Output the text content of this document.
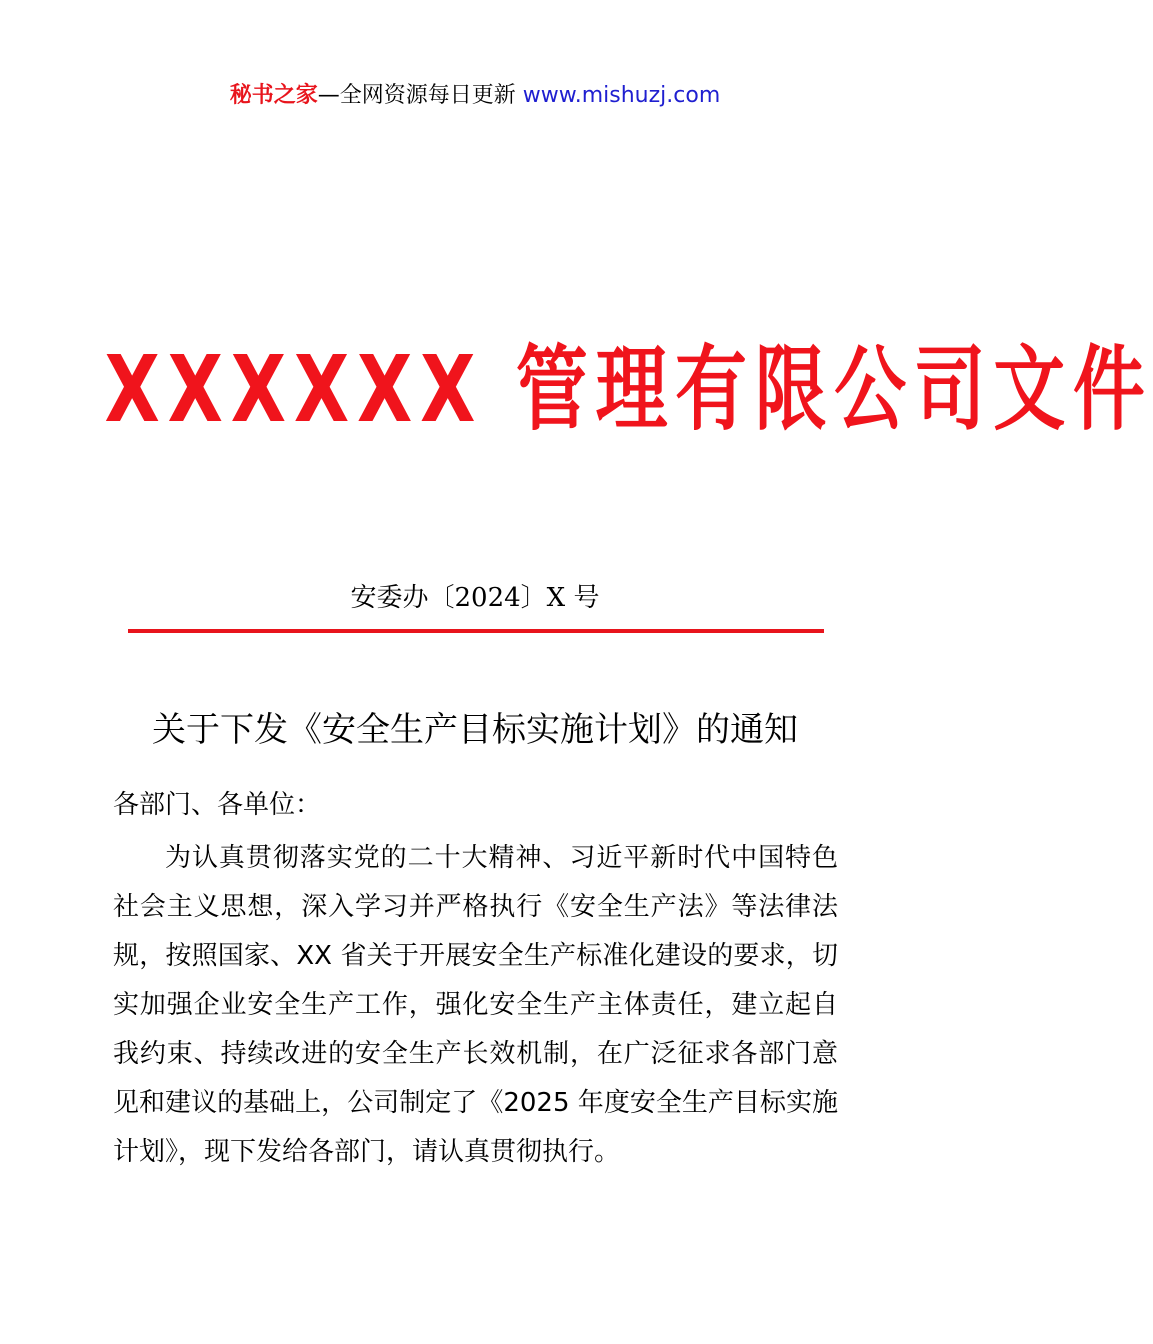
秘书之家—全网资源每日更新 www.mishuzj.com
XXXXXX 管理有限公司文件
安委办〔2024〕X 号
关于下发《安全生产目标实施计划》的通知
各部门、各单位：
为认真贯彻落实党的二十大精神、习近平新时代中国特色社会主义思想，深入学习并严格执行《安全生产法》等法律法规，按照国家、XX 省关于开展安全生产标准化建设的要求，切实加强企业安全生产工作，强化安全生产主体责任，建立起自我约束、持续改进的安全生产长效机制，在广泛征求各部门意见和建议的基础上，公司制定了《2025 年度安全生产目标实施计划》，现下发给各部门，请认真贯彻执行。
